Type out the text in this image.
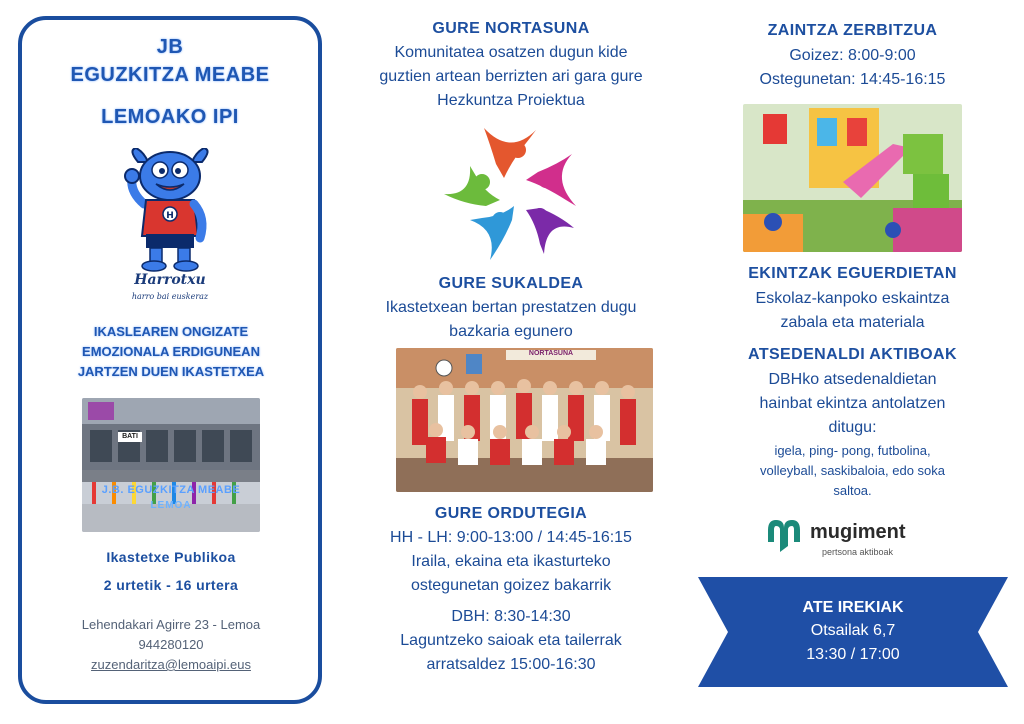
JB
EGUZKITZA MEABE
LEMOAKO IPI
H
Harrotxu
harro bai euskeraz
IKASLEAREN ONGIZATE
EMOZIONALA ERDIGUNEAN
JARTZEN DUEN IKASTETXEA
BATI
J.B. EGUZKITZA MEABE
LEMOA
Ikastetxe Publikoa
2 urtetik - 16 urtera
Lehendakari Agirre 23 - Lemoa
944280120
zuzendaritza@lemoaipi.eus
GURE NORTASUNA
Komunitatea osatzen dugun kide
guztien artean berrizten ari gara gure
Hezkuntza Proiektua
GURE SUKALDEA
Ikastetxean bertan prestatzen dugu
bazkaria egunero
NORTASUNA
GURE ORDUTEGIA
HH - LH: 9:00-13:00 / 14:45-16:15
Iraila, ekaina eta ikasturteko
ostegunetan goizez bakarrik
DBH: 8:30-14:30
Laguntzeko saioak eta tailerrak
arratsaldez 15:00-16:30
ZAINTZA ZERBITZUA
Goizez: 8:00-9:00
Ostegunetan: 14:45-16:15
EKINTZAK EGUERDIETAN
Eskolaz-kanpoko eskaintza
zabala eta materiala
ATSEDENALDI AKTIBOAK
DBHko atsedenaldietan
hainbat ekintza antolatzen
ditugu:
igela, ping- pong, futbolina,
volleyball, saskibaloia, edo soka
saltoa.
mugiment
pertsona aktiboak
ATE IREKIAK
Otsailak 6,7
13:30 / 17:00
